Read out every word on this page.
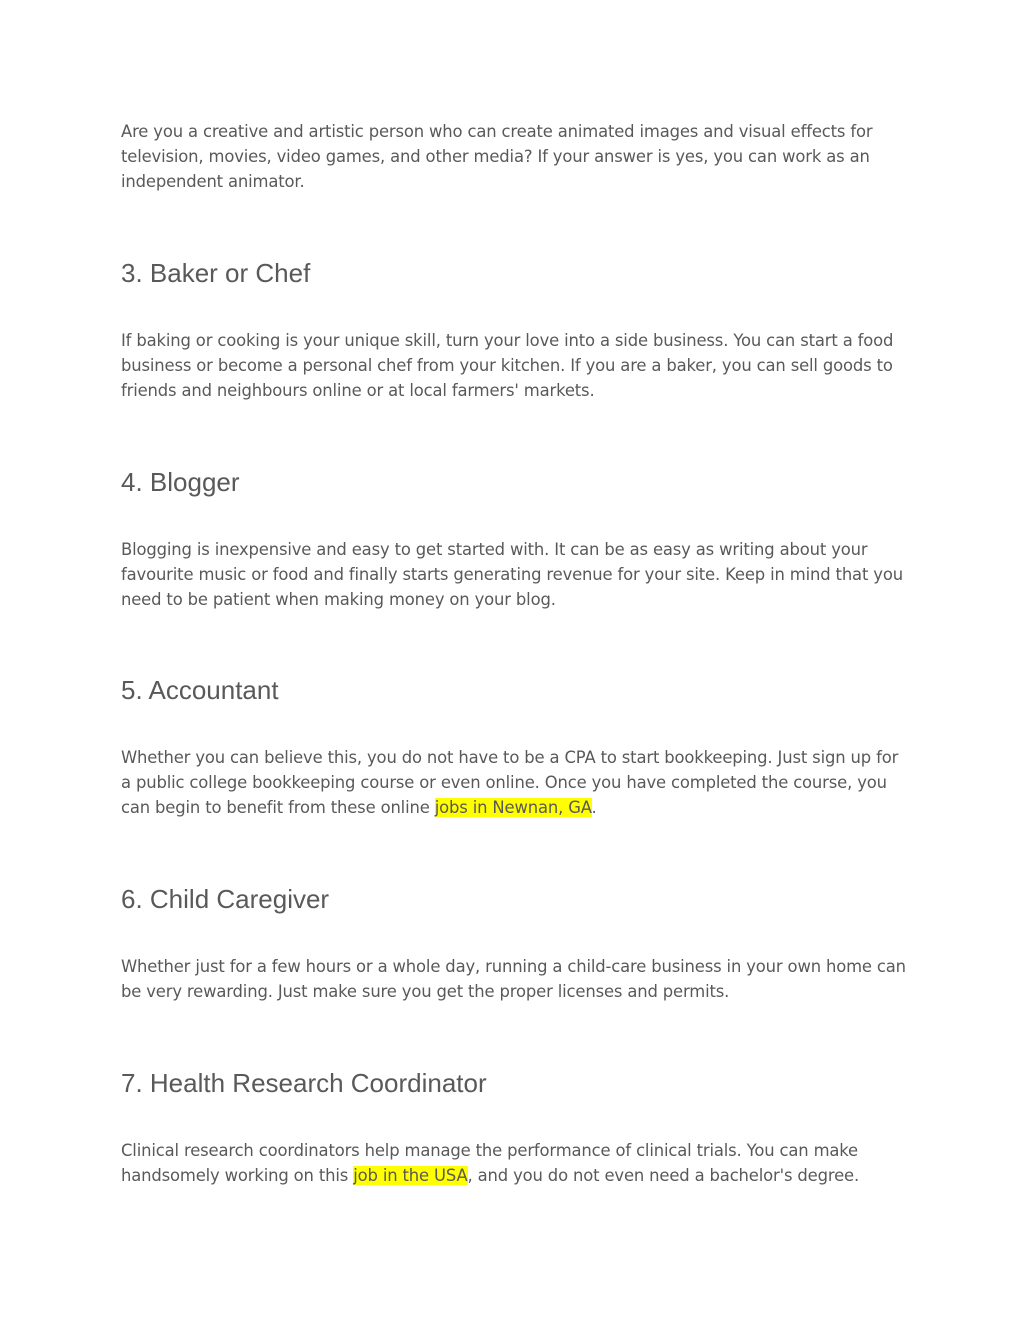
Are you a creative and artistic person who can create animated images and visual effects for television, movies, video games, and other media? If your answer is yes, you can work as an independent animator.

3. Baker or Chef

If baking or cooking is your unique skill, turn your love into a side business. You can start a food business or become a personal chef from your kitchen. If you are a baker, you can sell goods to friends and neighbours online or at local farmers' markets.

4. Blogger

Blogging is inexpensive and easy to get started with. It can be as easy as writing about your favourite music or food and finally starts generating revenue for your site. Keep in mind that you need to be patient when making money on your blog.

5. Accountant

Whether you can believe this, you do not have to be a CPA to start bookkeeping. Just sign up for a public college bookkeeping course or even online. Once you have completed the course, you can begin to benefit from these online jobs in Newnan, GA.

6. Child Caregiver

Whether just for a few hours or a whole day, running a child-care business in your own home can be very rewarding. Just make sure you get the proper licenses and permits.

7. Health Research Coordinator

Clinical research coordinators help manage the performance of clinical trials. You can make handsomely working on this job in the USA, and you do not even need a bachelor's degree.
